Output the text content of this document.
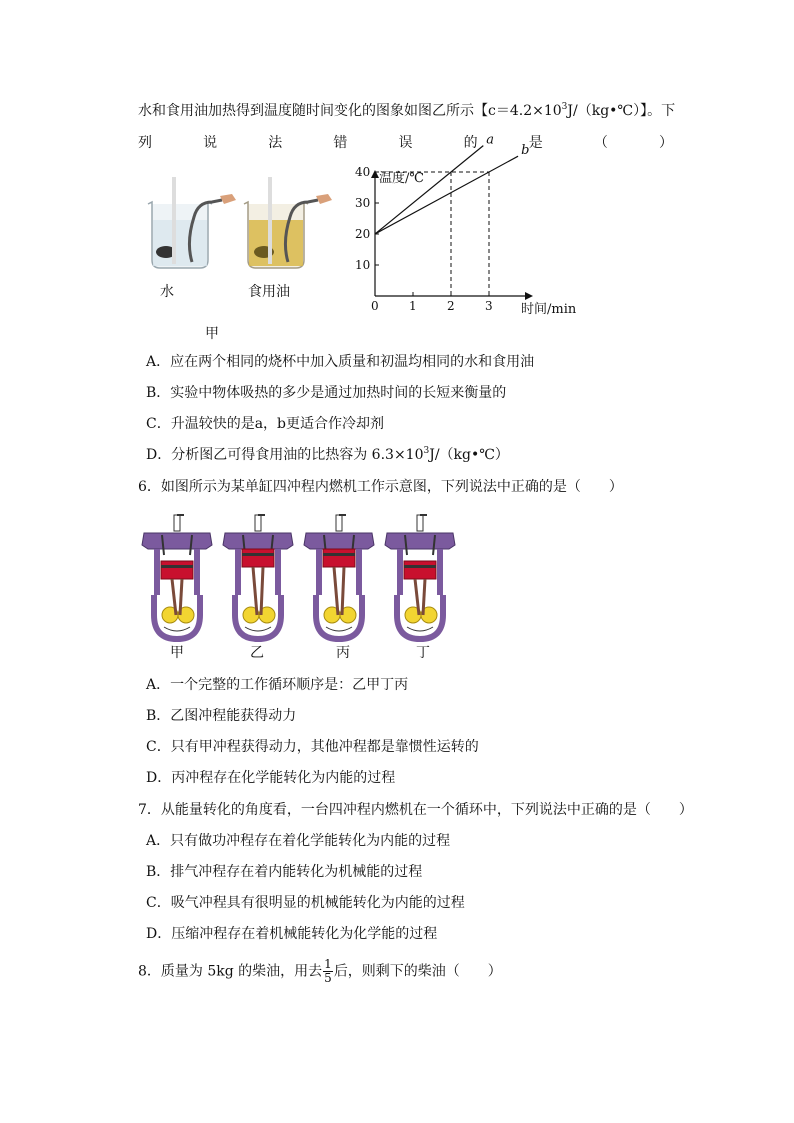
水和食用油加热得到温度随时间变化的图象如图乙所示【$c=4.2\times 10^3J/(kg•℃)$】。下
列	说	法	错	误	的	是	（	）
水	食用油
甲
温度/℃
时间/min
0	1	2	3
10
20
30
40
a
b
A．应在两个相同的烧杯中加入质量和初温均相同的水和食用油
B．实验中物体吸热的多少是通过加热时间的长短来衡量的
C．升温较快的是a，b更适合作冷却剂
D．分析图乙可得食用油的比热容为 $6.3\times 10^3J/(kg•℃)$
6．如图所示为某单缸四冲程内燃机工作示意图，下列说法中正确的是（　　）
甲	乙	丙	丁
A．一个完整的工作循环顺序是：乙甲丁丙
B．乙图冲程能获得动力
C．只有甲冲程获得动力，其他冲程都是靠惯性运转的
D．丙冲程存在化学能转化为内能的过程
7．从能量转化的角度看，一台四冲程内燃机在一个循环中，下列说法中正确的是（　　）
A．只有做功冲程存在着化学能转化为内能的过程
B．排气冲程存在着内能转化为机械能的过程
C．吸气冲程具有很明显的机械能转化为内能的过程
D．压缩冲程存在着机械能转化为化学能的过程
8．质量为 5kg 的柴油，用去 $\frac{1}{5}$ 后，则剩下的柴油（　　）
